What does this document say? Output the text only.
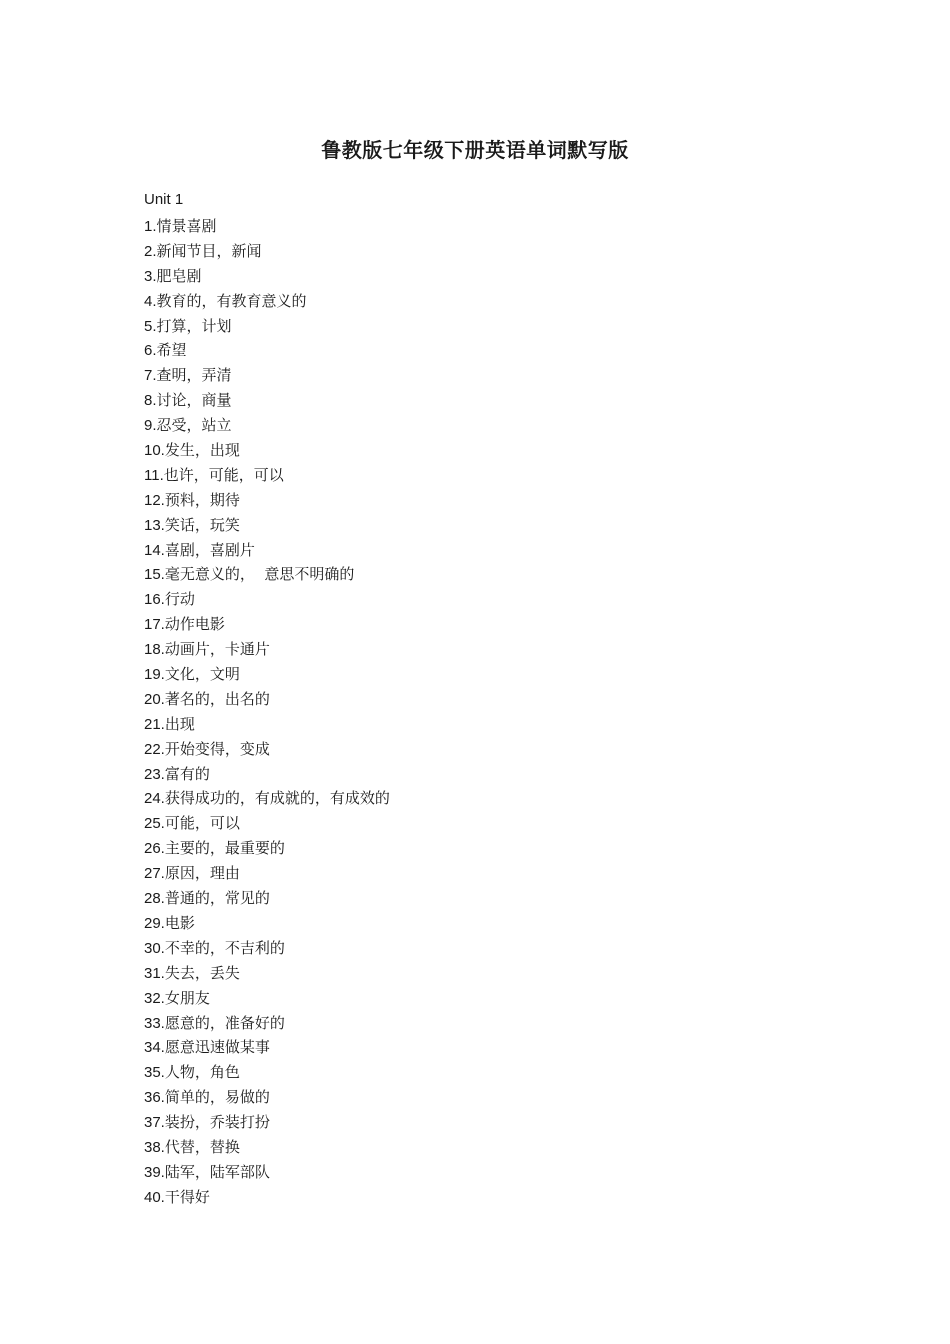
鲁教版七年级下册英语单词默写版

Unit 1

1.情景喜剧
2.新闻节目，新闻
3.肥皂剧
4.教育的，有教育意义的
5.打算，计划
6.希望
7.查明，弄清
8.讨论，商量
9.忍受，站立
10.发生，出现
11.也许，可能，可以
12.预料，期待
13.笑话，玩笑
14.喜剧，喜剧片
15.毫无意义的，  意思不明确的
16.行动
17.动作电影
18.动画片，卡通片
19.文化，文明
20.著名的，出名的
21.出现
22.开始变得，变成
23.富有的
24.获得成功的，有成就的，有成效的
25.可能，可以
26.主要的，最重要的
27.原因，理由
28.普通的，常见的
29.电影
30.不幸的，不吉利的
31.失去，丢失
32.女朋友
33.愿意的，准备好的
34.愿意迅速做某事
35.人物，角色
36.简单的，易做的
37.装扮，乔装打扮
38.代替，替换
39.陆军，陆军部队
40.干得好
